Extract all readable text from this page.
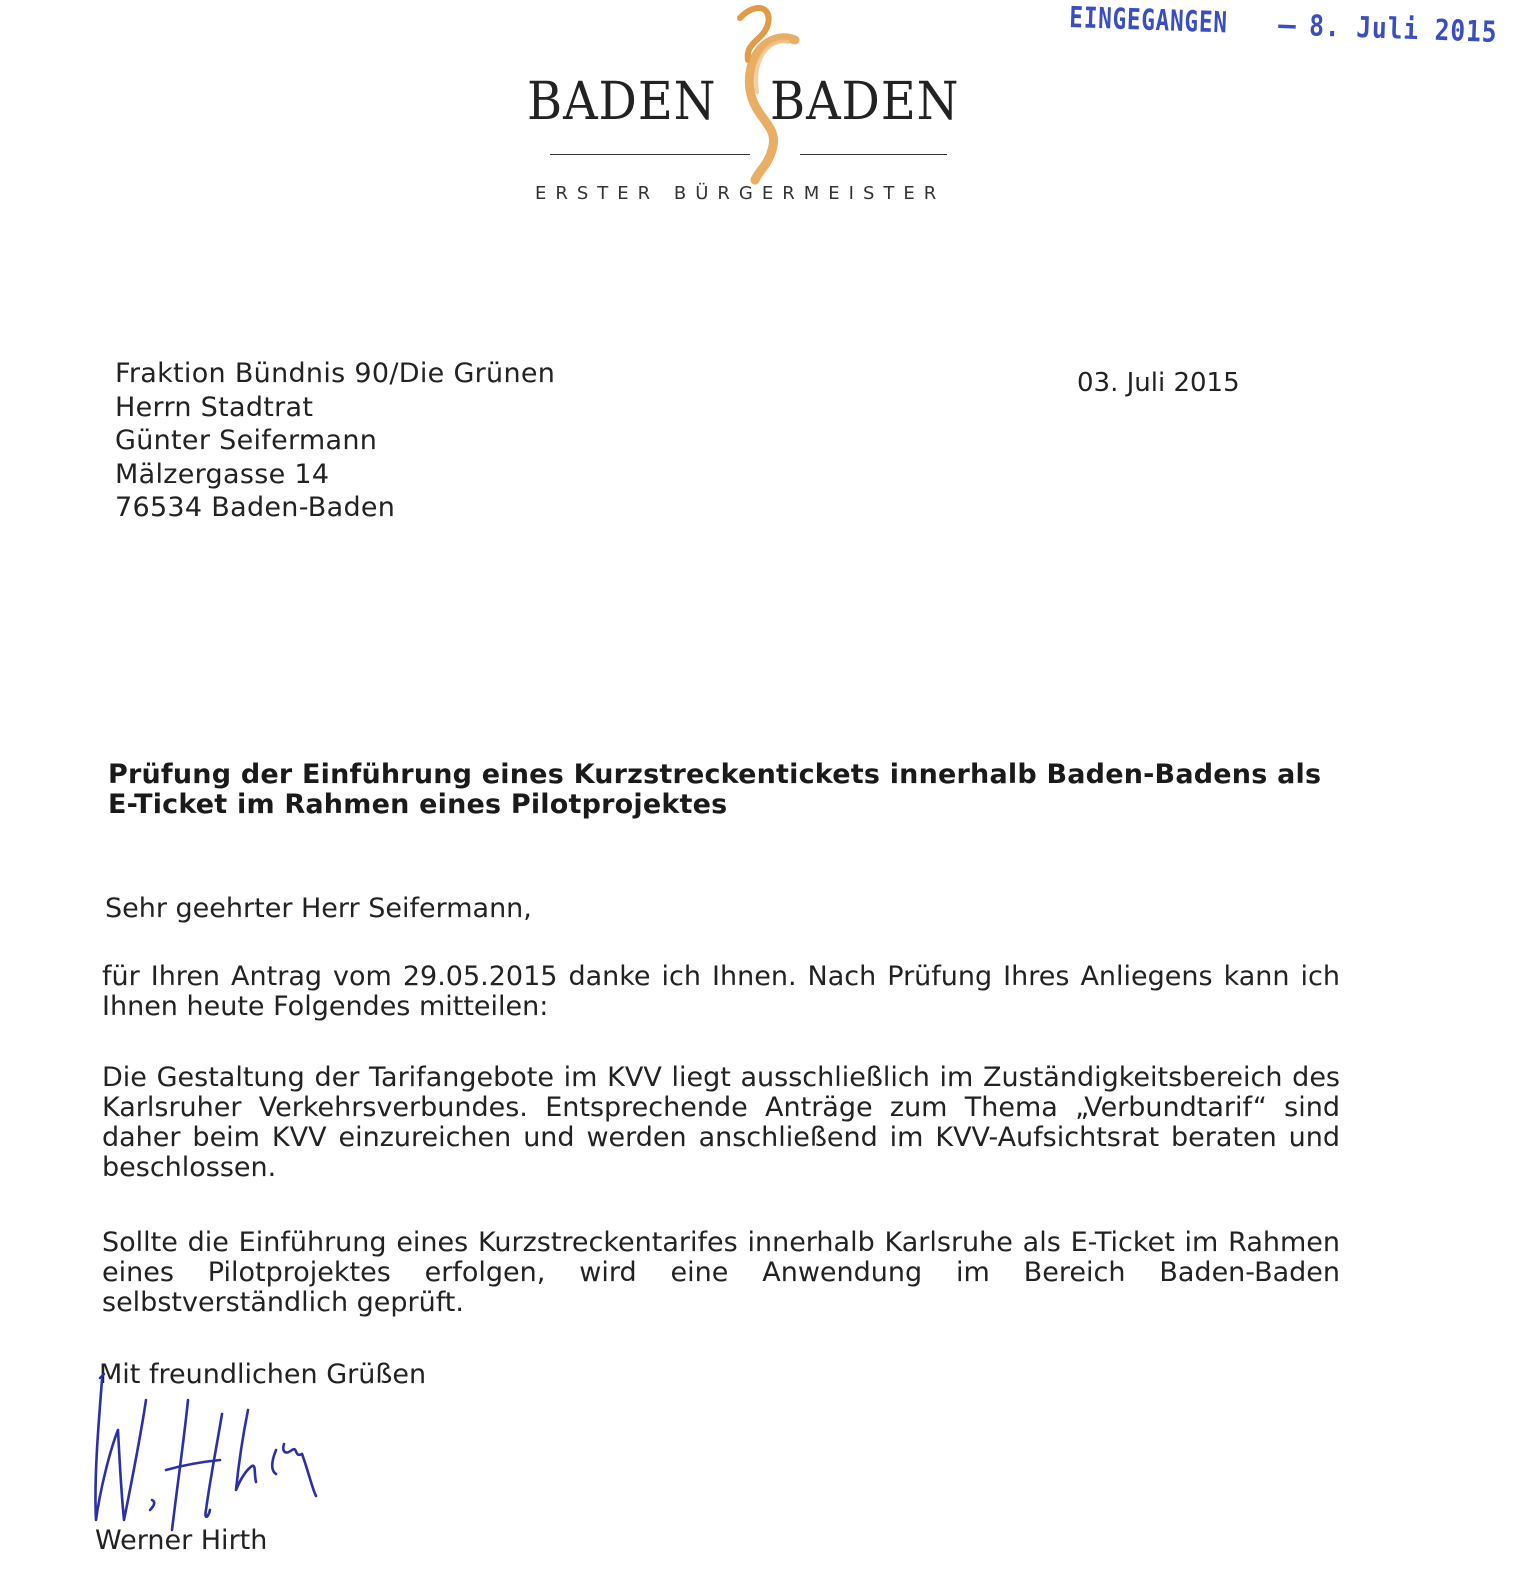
EINGEGANGEN – 8. Juli 2015
BADEN BADEN
ERSTER BÜRGERMEISTER
Fraktion Bündnis 90/Die Grünen
Herrn Stadtrat
Günter Seifermann
Mälzergasse 14
76534 Baden-Baden
03. Juli 2015
Prüfung der Einführung eines Kurzstreckentickets innerhalb Baden-Badens als E-Ticket im Rahmen eines Pilotprojektes
Sehr geehrter Herr Seifermann,
für Ihren Antrag vom 29.05.2015 danke ich Ihnen. Nach Prüfung Ihres Anliegens kann ich Ihnen heute Folgendes mitteilen:
Die Gestaltung der Tarifangebote im KVV liegt ausschließlich im Zuständigkeitsbereich des Karlsruher Verkehrsverbundes. Entsprechende Anträge zum Thema „Verbundtarif“ sind daher beim KVV einzureichen und werden anschließend im KVV-Aufsichtsrat beraten und beschlossen.
Sollte die Einführung eines Kurzstreckentarifes innerhalb Karlsruhe als E-Ticket im Rahmen eines Pilotprojektes erfolgen, wird eine Anwendung im Bereich Baden-Baden selbstverständlich geprüft.
Mit freundlichen Grüßen
Werner Hirth
